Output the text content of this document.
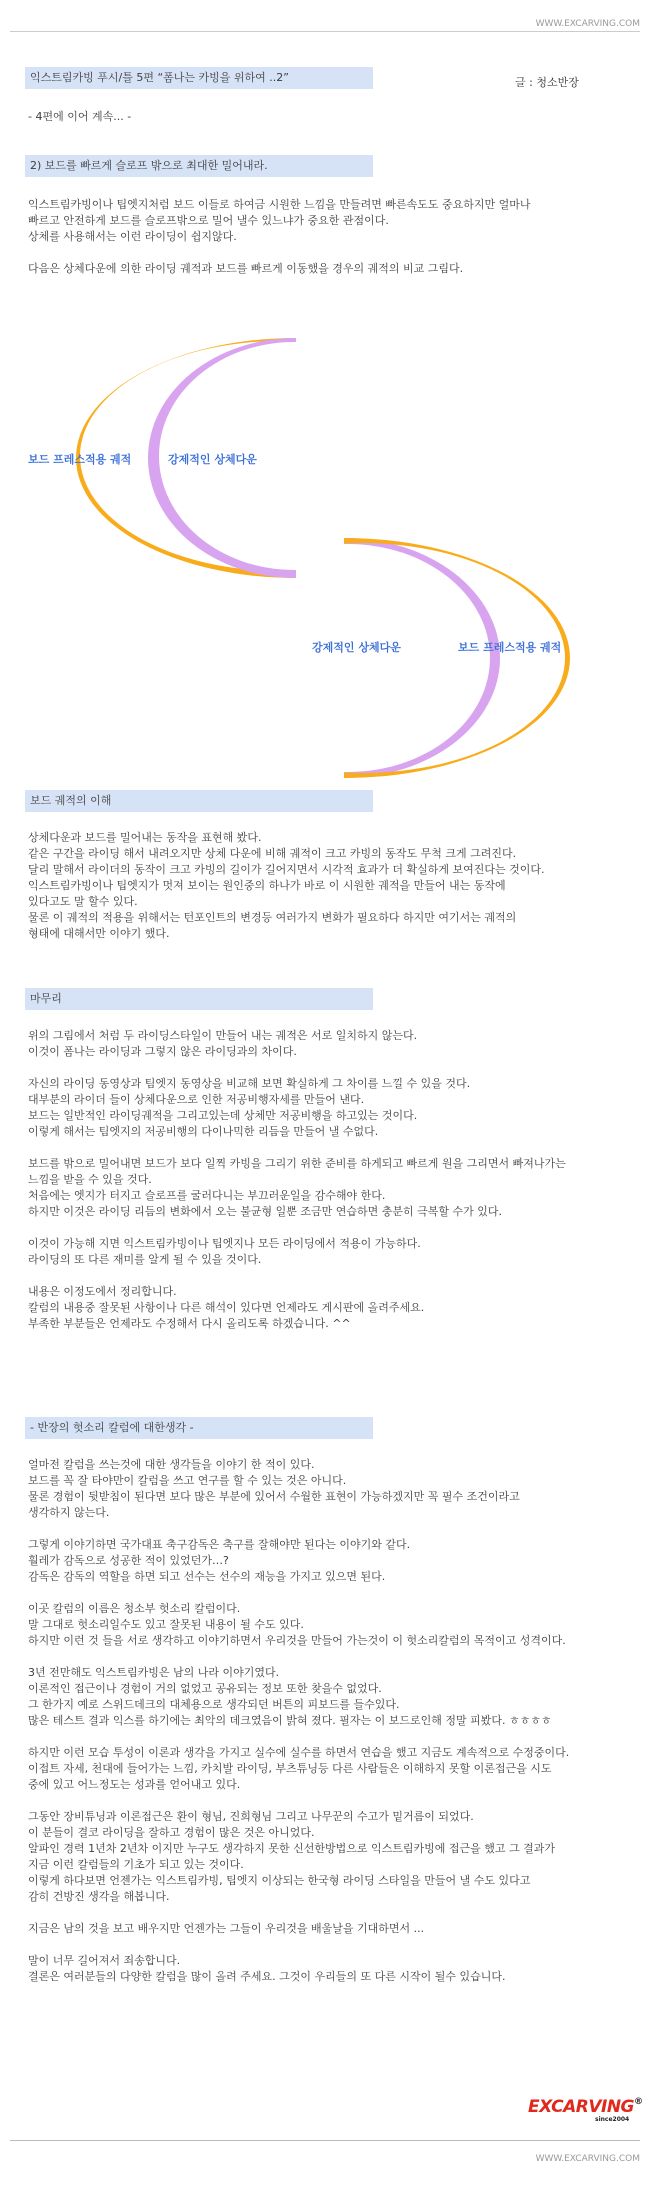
WWW.EXCARVING.COM
익스트림카빙 푸시/틀 5편 “폼나는 카빙을 위하여 ..2”	글 : 청소반장
- 4편에 이어 계속... -
2) 보드를 빠르게 슬로프 밖으로 최대한 밀어내라.

익스트림카빙이나 팁엣지처럼 보드 이들로 하여금 시원한 느낌을 만들려면 빠른속도도 중요하지만 얼마나

빠르고 안전하게 보드를 슬로프밖으로 밀어 낼수 있느냐가 중요한 관점이다.

상체를 사용해서는 이런 라이딩이 쉽지않다.

다음은 상체다운에 의한 라이딩 궤적과 보드를 빠르게 이동했을 경우의 궤적의 비교 그림다.

보드 프레스적용 궤적	강제적인 상체다운
강제적인 상체다운	보드 프레스적용 궤적
보드 궤적의 이해

상체다운과 보드를 밀어내는 동작을 표현해 봤다.

같은 구간을 라이딩 해서 내려오지만 상체 다운에 비해 궤적이 크고 카빙의 동작도 무척 크게 그려진다.

달리 말해서 라이더의 동작이 크고 카빙의 길이가 길어지면서 시각적 효과가 더 확실하게 보여진다는 것이다.

익스트림카빙이나 팁엣지가 멋져 보이는 원인중의 하나가 바로 이 시원한 궤적을 만들어 내는 동작에

있다고도 말 할수 있다.

물론 이 궤적의 적용을 위해서는 턴포인트의 변경등 여러가지 변화가 필요하다 하지만 여기서는 궤적의

형태에 대해서만 이야기 했다.

마무리

위의 그림에서 처럼 두 라이딩스타일이 만들어 내는 궤적은 서로 일치하지 않는다.

이것이 폼나는 라이딩과 그렇지 않은 라이딩과의 차이다.

자신의 라이딩 동영상과 팀엣지 동영상을 비교해 보면 확실하게 그 차이를 느낄 수 있을 것다.

대부분의 라이더 들이 상체다운으로 인한 저공비행자세를 만들어 낸다.

보드는 일반적인 라이딩궤적을 그리고있는데 상체만 저공비행을 하고있는 것이다.

이렇게 해서는 팀엣지의 저공비행의 다이나믹한 리듬을 만들어 낼 수없다.

보드를 밖으로 밀어내면 보드가 보다 일찍 카빙을 그리기 위한 준비를 하게되고 빠르게 원을 그리면서 빠져나가는

느낌을 받을 수 있을 것다.

처음에는 엣지가 터지고 슬로프를 굴러다니는 부끄러운일을 감수해야 한다.

하지만 이것은 라이딩 리듬의 변화에서 오는 불균형 일뿐 조금만 연습하면 충분히 극복할 수가 있다.

이것이 가능해 지면 익스트림카빙이나 팁엣지나 모든 라이딩에서 적용이 가능하다.

라이딩의 또 다른 재미를 알게 될 수 있을 것이다.

내용은 이정도에서 정리합니다.

칼럼의 내용중 잘못된 사항이나 다른 해석이 있다면 언제라도 게시판에 올려주세요.

부족한 부분들은 언제라도 수정해서 다시 올리도록 하겠습니다. ^^

- 반장의 헛소리 칼럼에 대한생각 -

얼마전 칼럼을 쓰는것에 대한 생각들을 이야기 한 적이 있다.

보드를 꼭 잘 타야만이 칼럼을 쓰고 연구를 할 수 있는 것은 아니다.

물론 경험이 뒷받침이 된다면 보다 많은 부분에 있어서 수월한 표현이 가능하겠지만 꼭 필수 조건이라고

생각하지 않는다.

그렇게 이야기하면 국가대표 축구감독은 축구를 잘해야만 된다는 이야기와 같다.

훨레가 감독으로 성공한 적이 있었던가…?

감독은 감독의 역할을 하면 되고 선수는 선수의 재능을 가지고 있으면 된다.

이곳 칼럼의 이름은 청소부 헛소리 칼럼이다.

말 그대로 헛소리일수도 있고 잘못된 내용이 될 수도 있다.

하지만 이런 것 들을 서로 생각하고 이야기하면서 우리것을 만들어 가는것이 이 헛소리칼럼의 목적이고 성격이다.

3년 전만해도 익스트림카빙은 남의 나라 이야기였다.

이론적인 접근이나 경험이 거의 없었고 공유되는 정보 또한 찾을수 없었다.

그 한가지 예로 스위드데크의 대체용으로 생각되던 버튼의 피보드를 들수있다.

많은 테스트 결과 익스를 하기에는 최악의 데크였음이 밝혀 졌다. 필자는 이 보드로인해 정말 피봤다. ㅎㅎㅎㅎ

하지만 이런 모습 투성이 이론과 생각을 가지고 실수에 실수를 하면서 연습을 했고 지금도 계속적으로 수정중이다.

이접트 자세, 천대에 들어가는 느낌, 카치발 라이딩, 부츠튜닝등 다른 사람들은 이해하지 못할 이론접근을 시도

중에 있고 어느정도는 성과를 얻어내고 있다.

그동안 장비튜닝과 이론접근은 환이 형님, 진희형님 그리고 나무꾼의 수고가 밑거름이 되었다.

이 분들이 결코 라이딩을 잘하고 경험이 많은 것은 아니었다.

알파인 경력 1년차 2년차 이지만 누구도 생각하지 못한 신선한방법으로 익스트림카빙에 접근을 했고 그 결과가

지금 이런 칼럼들의 기초가 되고 있는 것이다.

이렇게 하다보면 언젠가는 익스트림카빙, 팁엣지 이상되는 한국형 라이딩 스타일을 만들어 낼 수도 있다고

감히 건방진 생각을 해봅니다.

지금은 남의 것을 보고 배우지만 언젠가는 그들이 우리것을 배울날을 기대하면서 ...

말이 너무 길어져서 죄송합니다.

결론은 여러분들의 다양한 칼럼을 많이 올려 주세요. 그것이 우리들의 또 다른 시작이 될수 있습니다.

EXCARVING®
since2004
WWW.EXCARVING.COM
